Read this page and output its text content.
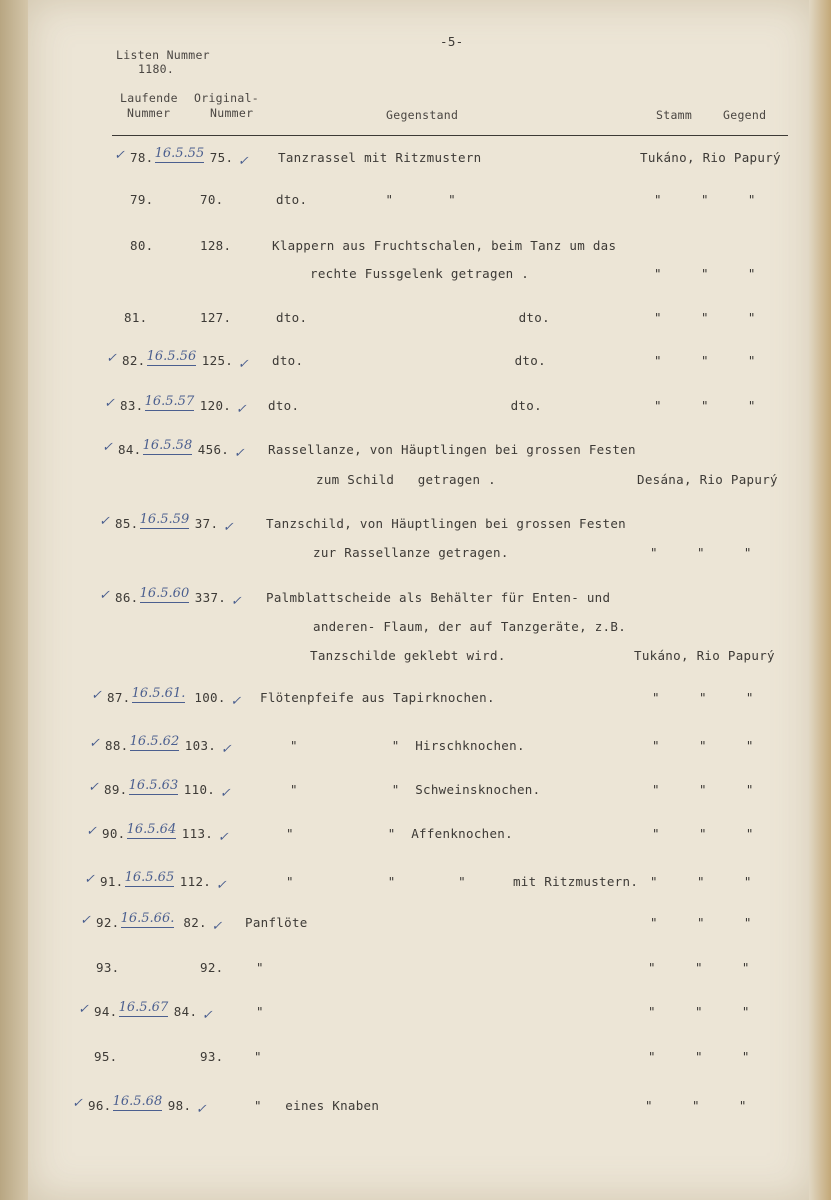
-5-
Listen Nummer
1180.
Laufende
Nummer
Original-
Nummer	Gegenstand	Stamm	Gegend
✓ 78. 16.5.55 75. ✓ Tanzrassel mit Ritzmustern	Tukáno, Rio Papurý
79.	70.	dto.          "       "	"     "     "
80.	128.	Klappern aus Fruchtschalen, beim Tanz um das
rechte Fussgelenk getragen .	"     "     "
81.	127.	dto.                           dto.	"     "     "
✓ 82. 16.5.56 125. ✓ dto.                           dto.	"     "     "
✓ 83. 16.5.57 120. ✓ dto.                           dto.	"     "     "
✓ 84. 16.5.58 456. ✓ Rassellanze, von Häuptlingen bei grossen Festen
zum Schild   getragen .	Desána, Rio Papurý
✓ 85. 16.5.59 37. ✓	Tanzschild, von Häuptlingen bei grossen Festen
zur Rassellanze getragen.	"     "     "
✓ 86. 16.5.60 337. ✓ Palmblattscheide als Behälter für Enten- und
anderen- Flaum, der auf Tanzgeräte, z.B.
Tanzschilde geklebt wird.	Tukáno, Rio Papurý
✓ 87. 16.5.61. 100. ✓ Flötenpfeife aus Tapirknochen.	"     "     "
✓ 88. 16.5.62 103. ✓	"            "  Hirschknochen.	"     "     "
✓ 89. 16.5.63 110. ✓	"            "  Schweinsknochen.	"     "     "
✓ 90. 16.5.64 113. ✓	"            "  Affenknochen.	"     "     "
✓ 91. 16.5.65 112. ✓	"            "        "      mit Ritzmustern. "     "     "
✓ 92. 16.5.66. 82. ✓ Panflöte	"     "     "
93.	92.	"	"     "     "
✓ 94. 16.5.67 84. ✓	"	"     "     "
95.	93. "	"     "     "
✓ 96. 16.5.68 98. ✓	"   eines Knaben	"     "     "
